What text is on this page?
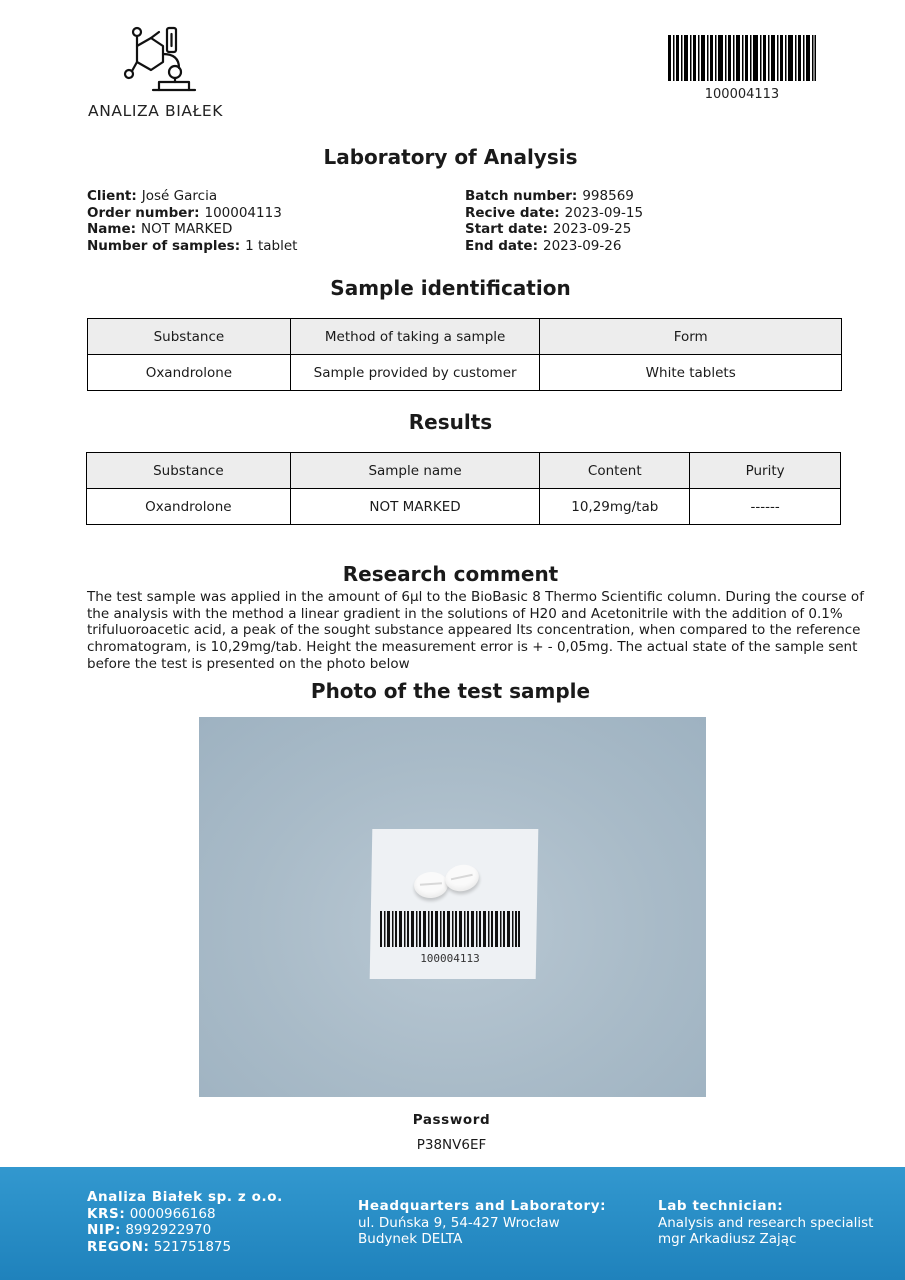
ANALIZA BIAŁEK
100004113
Laboratory of Analysis
Client: José Garcia
Order number: 100004113
Name: NOT MARKED
Number of samples: 1 tablet
Batch number: 998569
Recive date: 2023-09-15
Start date: 2023-09-25
End date: 2023-09-26
Sample identification
Substance	Method of taking a sample	Form
Oxandrolone	Sample provided by customer	White tablets
Results
Substance	Sample name	Content	Purity
Oxandrolone	NOT MARKED	10,29mg/tab	------
Research comment

The test sample was applied in the amount of 6µl to the BioBasic 8 Thermo Scientific column. During the course of the analysis with the method a linear gradient in the solutions of H20 and Acetonitrile with the addition of 0.1% trifuluoroacetic acid, a peak of the sought substance appeared Its concentration, when compared to the reference chromatogram, is 10,29mg/tab. Height the measurement error is + - 0,05mg. The actual state of the sample sent before the test is presented on the photo below

Photo of the test sample
100004113
Password
P38NV6EF
Analiza Białek sp. z o.o.
KRS: 0000966168
NIP: 8992922970
REGON: 521751875
Headquarters and Laboratory:
ul. Duńska 9, 54-427 Wrocław
Budynek DELTA
Lab technician:
Analysis and research specialist
mgr Arkadiusz Zając
